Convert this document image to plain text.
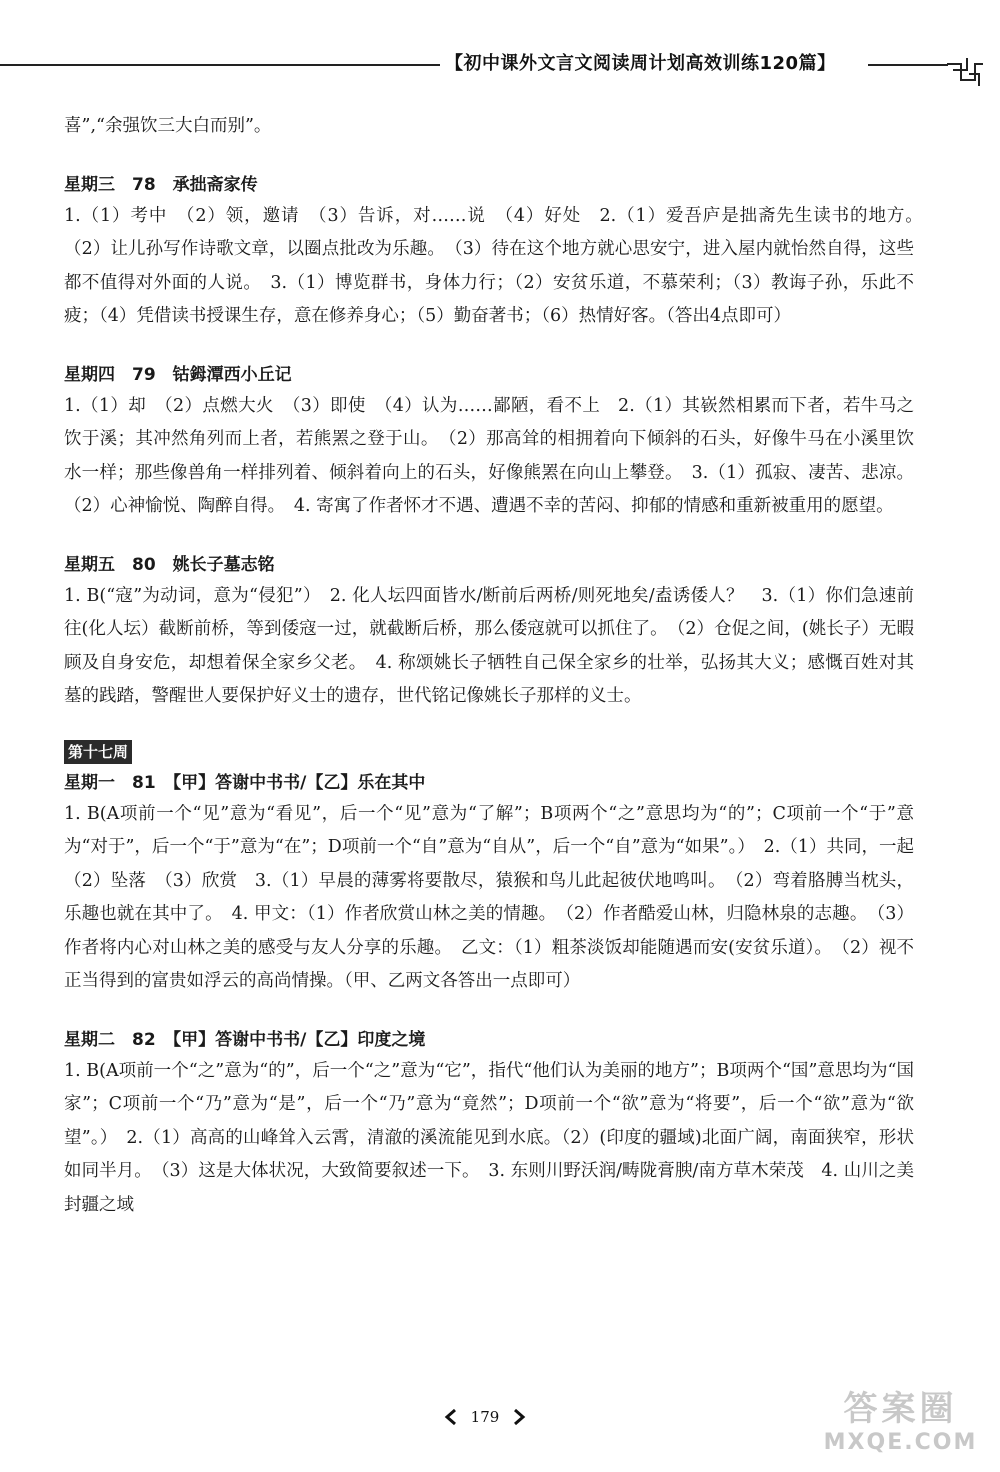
【初中课外文言文阅读周计划高效训练120篇】

喜”,“余强饮三大白而别”。

星期三　78　承拙斋家传

1.（1）考中　（2）领，邀请　（3）告诉，对……说　（4）好处　2.（1）爱吾庐是拙斋先生读书的地方。　（2）让儿孙写作诗歌文章，以圈点批改为乐趣。　（3）待在这个地方就心思安宁，进入屋内就怡然自得，这些都不值得对外面的人说。　3.（1）博览群书，身体力行；（2）安贫乐道，不慕荣利；（3）教诲子孙，乐此不疲；（4）凭借读书授课生存，意在修养身心；（5）勤奋著书；（6）热情好客。（答出4点即可）

星期四　79　钴鉧潭西小丘记

1.（1）却　（2）点燃大火　（3）即使　（4）认为……鄙陋，看不上　2.（1）其嵚然相累而下者，若牛马之饮于溪；其冲然角列而上者，若熊罴之登于山。　（2）那高耸的相拥着向下倾斜的石头，好像牛马在小溪里饮水一样；那些像兽角一样排列着、倾斜着向上的石头，好像熊罴在向山上攀登。　3.（1）孤寂、凄苦、悲凉。（2）心神愉悦、陶醉自得。　4. 寄寓了作者怀才不遇、遭遇不幸的苦闷、抑郁的情感和重新被重用的愿望。

星期五　80　姚长子墓志铭

1. B(“寇”为动词，意为“侵犯”）　2. 化人坛四面皆水/断前后两桥/则死地矣/盍诱倭人？　3.（1）你们急速前往(化人坛）截断前桥，等到倭寇一过，就截断后桥，那么倭寇就可以抓住了。　（2）仓促之间，(姚长子）无暇顾及自身安危，却想着保全家乡父老。　4. 称颂姚长子牺牲自己保全家乡的壮举，弘扬其大义；感慨百姓对其墓的践踏，警醒世人要保护好义士的遗存，世代铭记像姚长子那样的义士。

第十七周

星期一　81　【甲】答谢中书书/【乙】乐在其中

1. B(A项前一个“见”意为“看见”，后一个“见”意为“了解”；B项两个“之”意思均为“的”；C项前一个“于”意为“对于”，后一个“于”意为“在”；D项前一个“自”意为“自从”，后一个“自”意为“如果”。）　2.（1）共同，一起　（2）坠落　（3）欣赏　3.（1）早晨的薄雾将要散尽，猿猴和鸟儿此起彼伏地鸣叫。　（2）弯着胳膊当枕头，乐趣也就在其中了。　4. 甲文：（1）作者欣赏山林之美的情趣。　（2）作者酷爱山林，归隐林泉的志趣。　（3）作者将内心对山林之美的感受与友人分享的乐趣。　乙文：（1）粗茶淡饭却能随遇而安(安贫乐道）。　（2）视不正当得到的富贵如浮云的高尚情操。（甲、乙两文各答出一点即可）

星期二　82　【甲】答谢中书书/【乙】印度之境

1. B(A项前一个“之”意为“的”，后一个“之”意为“它”，指代“他们认为美丽的地方”；B项两个“国”意思均为“国家”；C项前一个“乃”意为“是”，后一个“乃”意为“竟然”；D项前一个“欲”意为“将要”，后一个“欲”意为“欲望”。）　2.（1）高高的山峰耸入云霄，清澈的溪流能见到水底。（2）(印度的疆域)北面广阔，南面狭窄，形状如同半月。　（3）这是大体状况，大致简要叙述一下。　3. 东则川野沃润/畴陇膏腴/南方草木荣茂　4. 山川之美　封疆之域

179	答案圈
MXQE.COM
